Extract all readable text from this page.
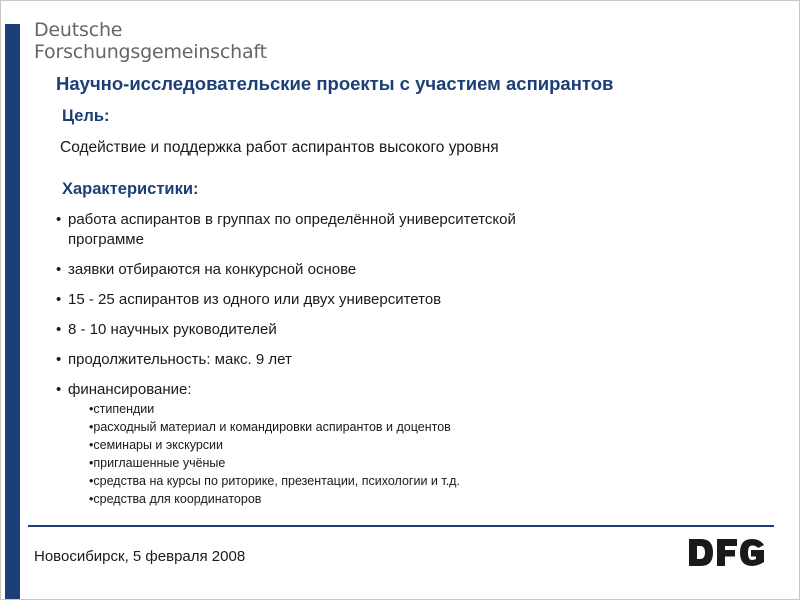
Deutsche
Forschungsgemeinschaft
Научно-исследовательские проекты с участием аспирантов
Цель:
Содействие и поддержка работ аспирантов высокого уровня
Характеристики:
• работа аспирантов в группах по определённой университетской
программе
• заявки отбираются на конкурсной основе
• 15 - 25 аспирантов из одного или двух университетов
• 8 - 10 научных руководителей
• продолжительность: макс. 9 лет
• финансирование:
•стипендии
•расходный материал и командировки аспирантов и доцентов
•семинары и экскурсии
•приглашенные учёные
•средства на курсы по риторике, презентации, психологии и т.д.
•средства для координаторов
Новосибирск, 5 февраля 2008
